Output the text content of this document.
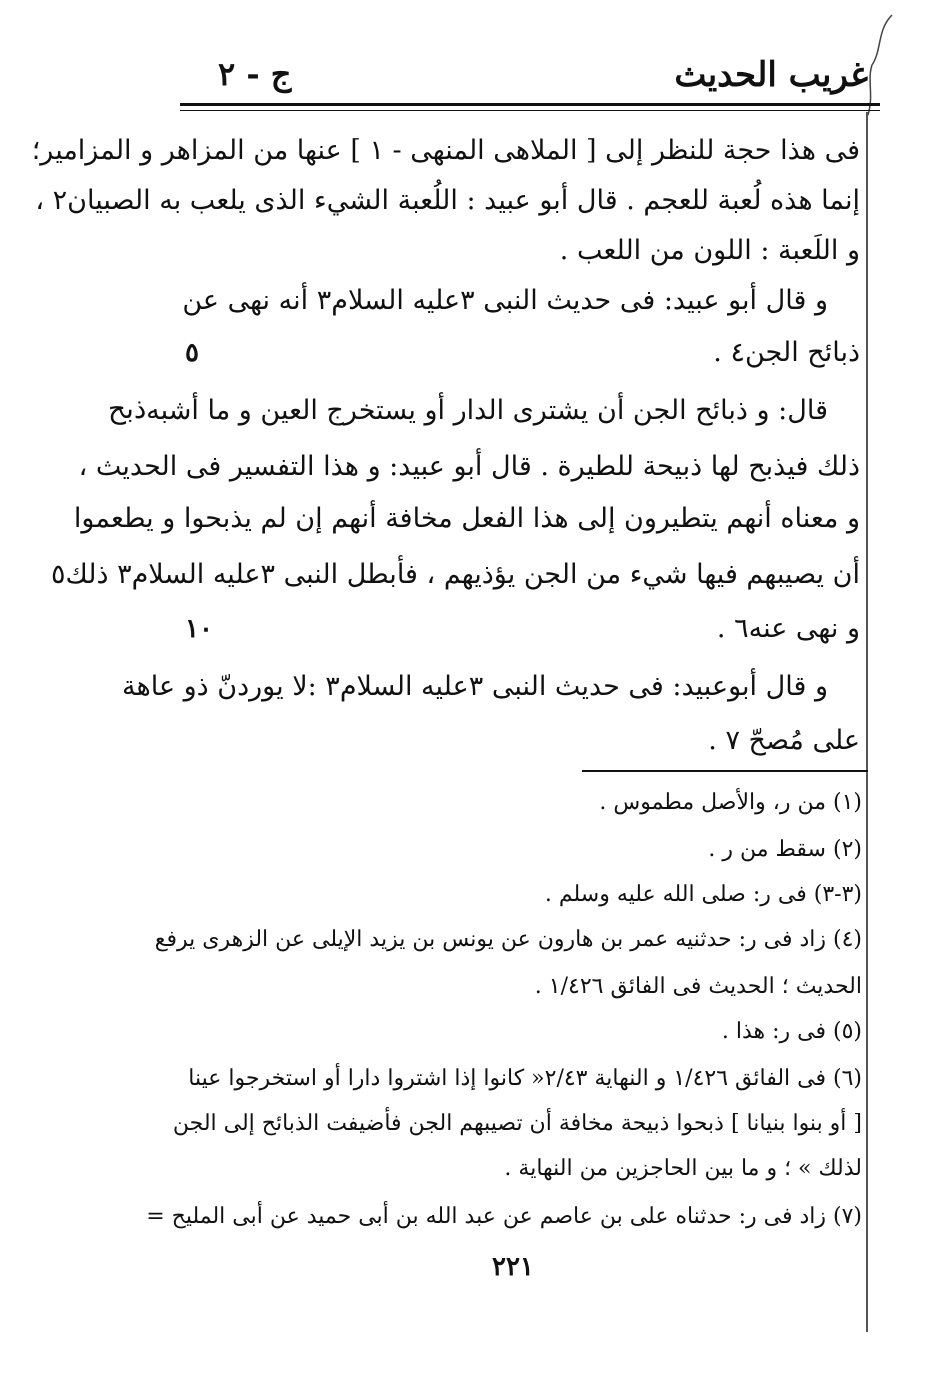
غريب الحديث
ج - ٢
فى هذا حجة للنظر إلى [ الملاهى المنهى - ١ ] عنها من المزاهر و المزامير؛
إنما هذه لُعبة للعجم . قال أبو عبيد : اللُعبة الشيء الذى يلعب به الصبيان٢ ،
و اللَعبة : اللون من اللعب .
و قال أبو عبيد: فى حديث النبى ٣عليه السلام٣ أنه نهى عن
ذبائح الجن٤ .
٥
ذبح قال: و ذبائح الجن أن يشترى الدار أو يستخرج العين و ما أشبه
ذلك فيذبح لها ذبيحة للطيرة . قال أبو عبيد: و هذا التفسير فى الحديث ،
و معناه أنهم يتطيرون إلى هذا الفعل مخافة أنهم إن لم يذبحوا و يطعموا
أن يصيبهم فيها شيء من الجن يؤذيهم ، فأبطل النبى ٣عليه السلام٣ ذلك٥
و نهى عنه٦ .
١٠
و قال أبوعبيد: فى حديث النبى ٣عليه السلام٣ :لا يوردنّ ذو عاهة
على مُصحّ ٧ .
(١) من ر، والأصل مطموس .
(٢) سقط من ر .
(٣-٣) فى ر: صلى الله عليه وسلم .
(٤) زاد فى ر: حدثنيه عمر بن هارون عن يونس بن يزيد الإيلى عن الزهرى يرفع
الحديث ؛ الحديث فى الفائق ١/٤٢٦ .
(٥) فى ر: هذا .
(٦) فى الفائق ١/٤٢٦ و النهاية ٢/٤٣« كانوا إذا اشتروا دارا أو استخرجوا عينا
[ أو بنوا بنيانا ] ذبحوا ذبيحة مخافة أن تصيبهم الجن فأضيفت الذبائح إلى الجن
لذلك » ؛ و ما بين الحاجزين من النهاية .
(٧) زاد فى ر: حدثناه على بن عاصم عن عبد الله بن أبى حميد عن أبى المليح =
٢٢١
